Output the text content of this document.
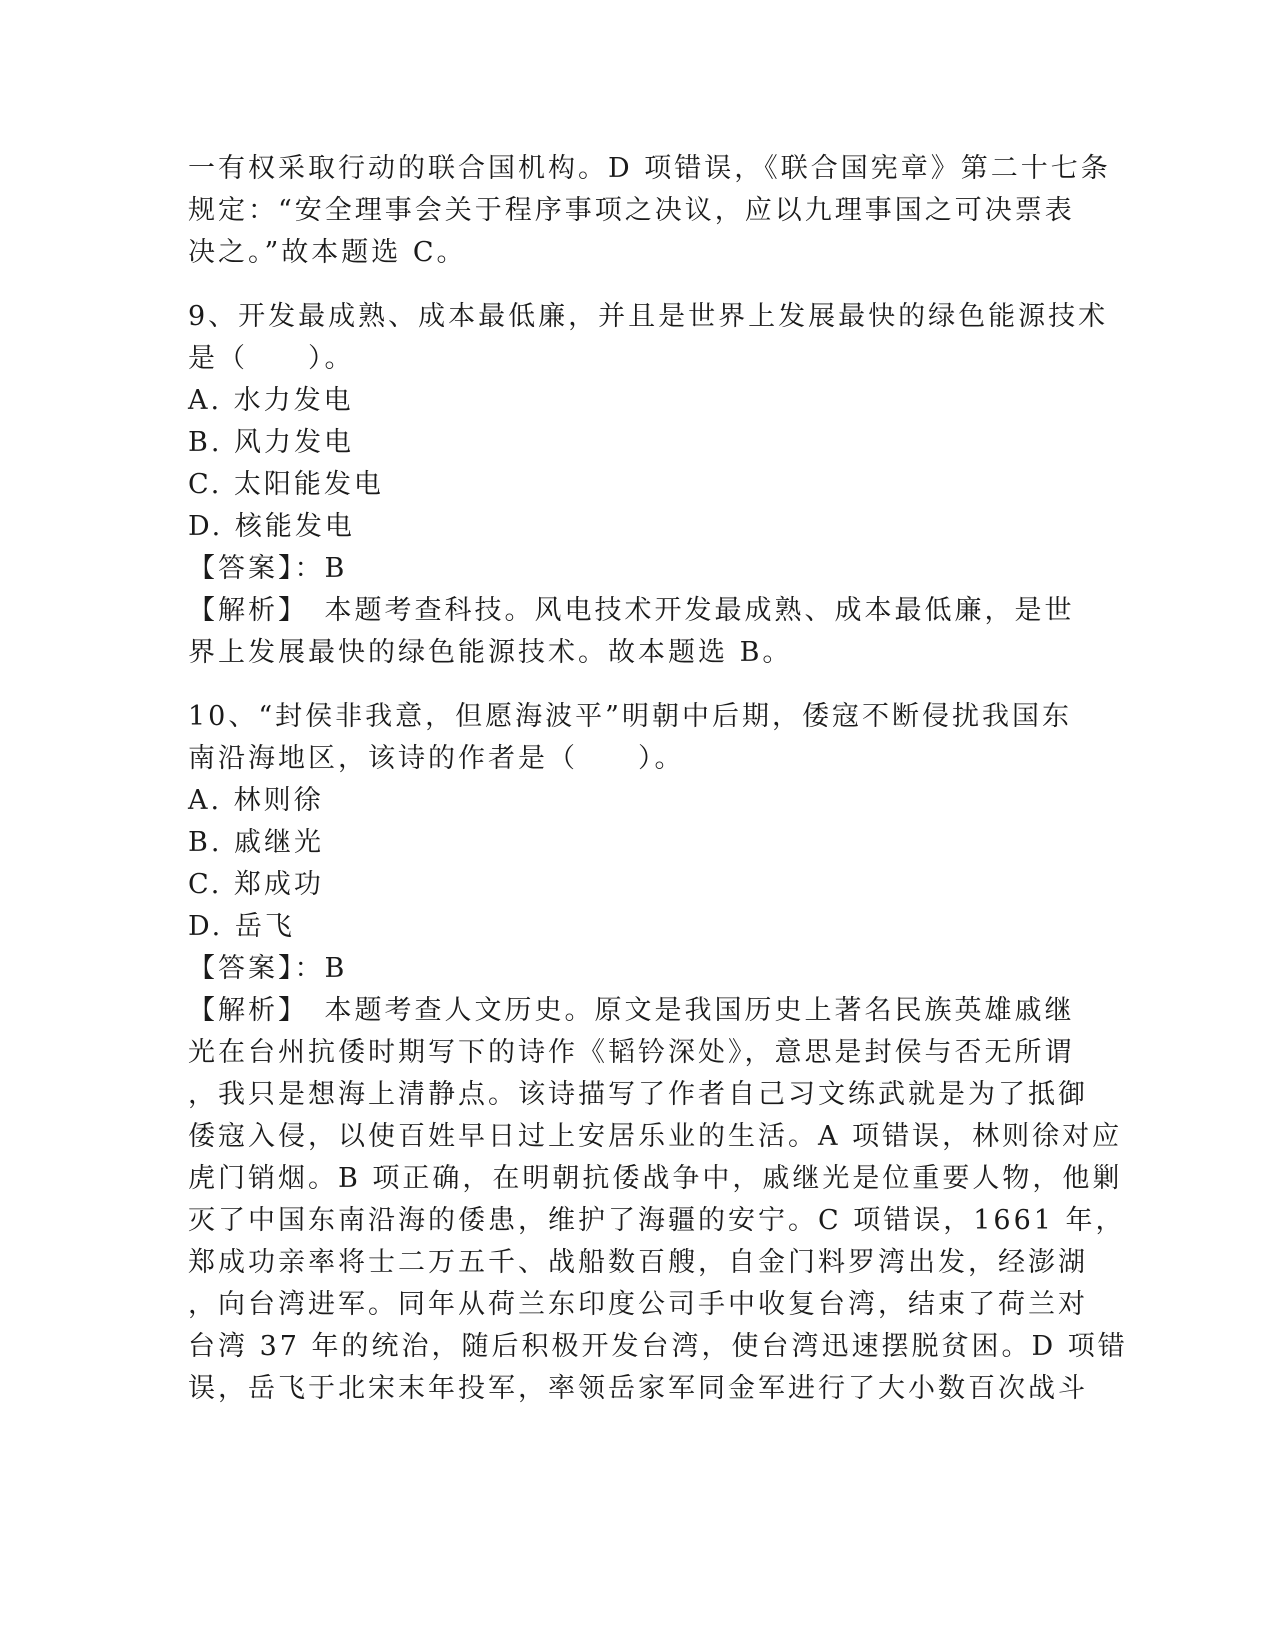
一有权采取行动的联合国机构。D 项错误，《联合国宪章》第二十七条
规定：“安全理事会关于程序事项之决议，应以九理事国之可决票表
决之。”故本题选 C。
9、开发最成熟、成本最低廉，并且是世界上发展最快的绿色能源技术
是（　　）。
A. 水力发电
B. 风力发电
C. 太阳能发电
D. 核能发电
【答案】：B
【解析】　本题考查科技。风电技术开发最成熟、成本最低廉，是世
界上发展最快的绿色能源技术。故本题选 B。
10、“封侯非我意，但愿海波平”明朝中后期，倭寇不断侵扰我国东
南沿海地区，该诗的作者是（　　）。
A. 林则徐
B. 戚继光
C. 郑成功
D. 岳飞
【答案】：B
【解析】　本题考查人文历史。原文是我国历史上著名民族英雄戚继
光在台州抗倭时期写下的诗作《韬钤深处》，意思是封侯与否无所谓
，我只是想海上清静点。该诗描写了作者自己习文练武就是为了抵御
倭寇入侵，以使百姓早日过上安居乐业的生活。A 项错误，林则徐对应
虎门销烟。B 项正确，在明朝抗倭战争中，戚继光是位重要人物，他剿
灭了中国东南沿海的倭患，维护了海疆的安宁。C 项错误，1661 年，
郑成功亲率将士二万五千、战船数百艘，自金门料罗湾出发，经澎湖
，向台湾进军。同年从荷兰东印度公司手中收复台湾，结束了荷兰对
台湾 37 年的统治，随后积极开发台湾，使台湾迅速摆脱贫困。D 项错
误，岳飞于北宋末年投军，率领岳家军同金军进行了大小数百次战斗
